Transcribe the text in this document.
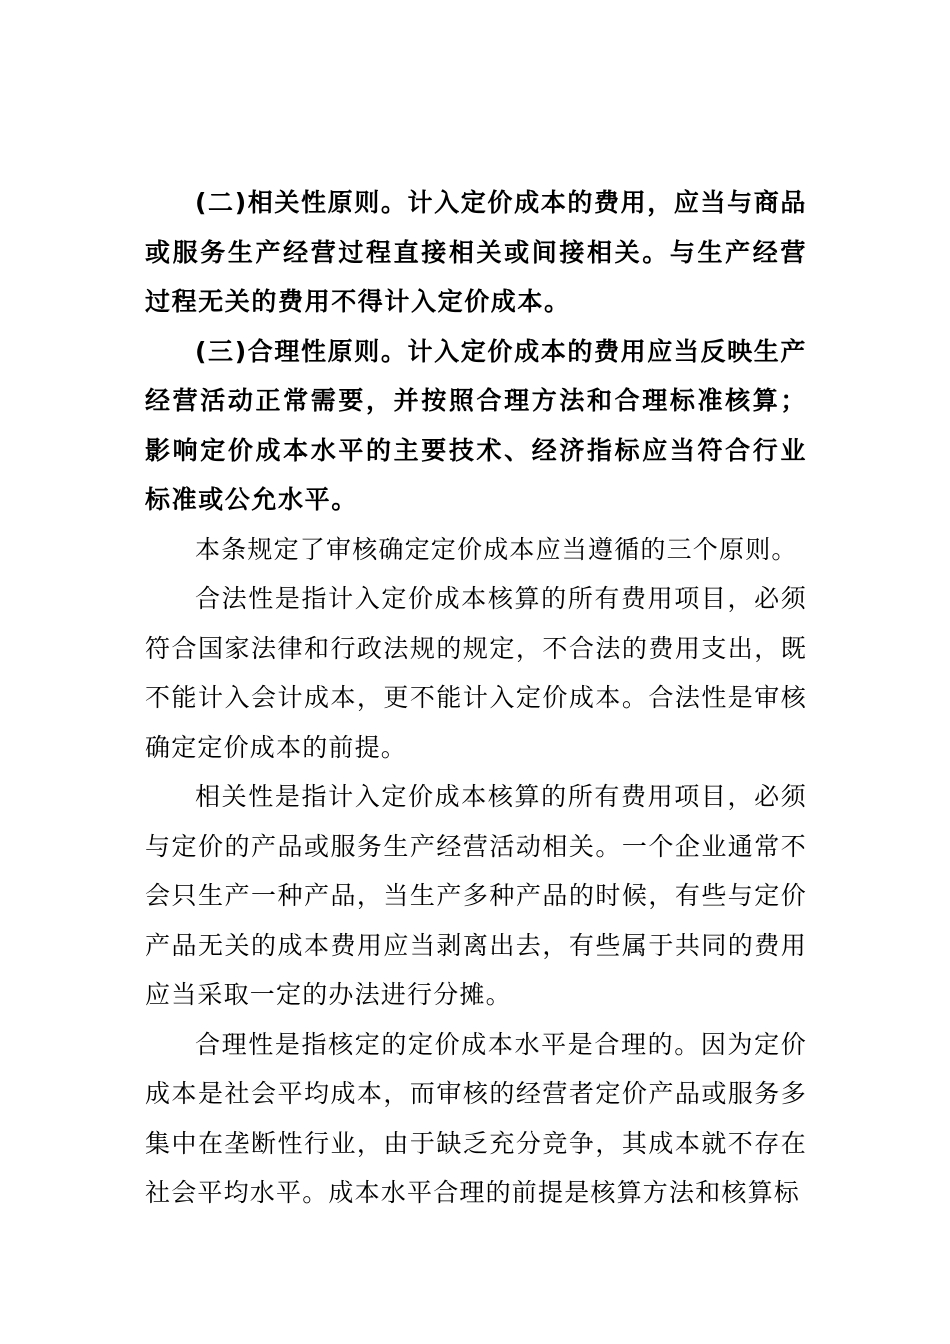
(二)相关性原则。计入定价成本的费用，应当与商品或服务生产经营过程直接相关或间接相关。与生产经营过程无关的费用不得计入定价成本。

(三)合理性原则。计入定价成本的费用应当反映生产经营活动正常需要，并按照合理方法和合理标准核算；影响定价成本水平的主要技术、经济指标应当符合行业标准或公允水平。

本条规定了审核确定定价成本应当遵循的三个原则。

合法性是指计入定价成本核算的所有费用项目，必须符合国家法律和行政法规的规定，不合法的费用支出，既不能计入会计成本，更不能计入定价成本。合法性是审核确定定价成本的前提。

相关性是指计入定价成本核算的所有费用项目，必须与定价的产品或服务生产经营活动相关。一个企业通常不会只生产一种产品，当生产多种产品的时候，有些与定价产品无关的成本费用应当剥离出去，有些属于共同的费用应当采取一定的办法进行分摊。

合理性是指核定的定价成本水平是合理的。因为定价成本是社会平均成本，而审核的经营者定价产品或服务多集中在垄断性行业，由于缺乏充分竞争，其成本就不存在社会平均水平。成本水平合理的前提是核算方法和核算标
